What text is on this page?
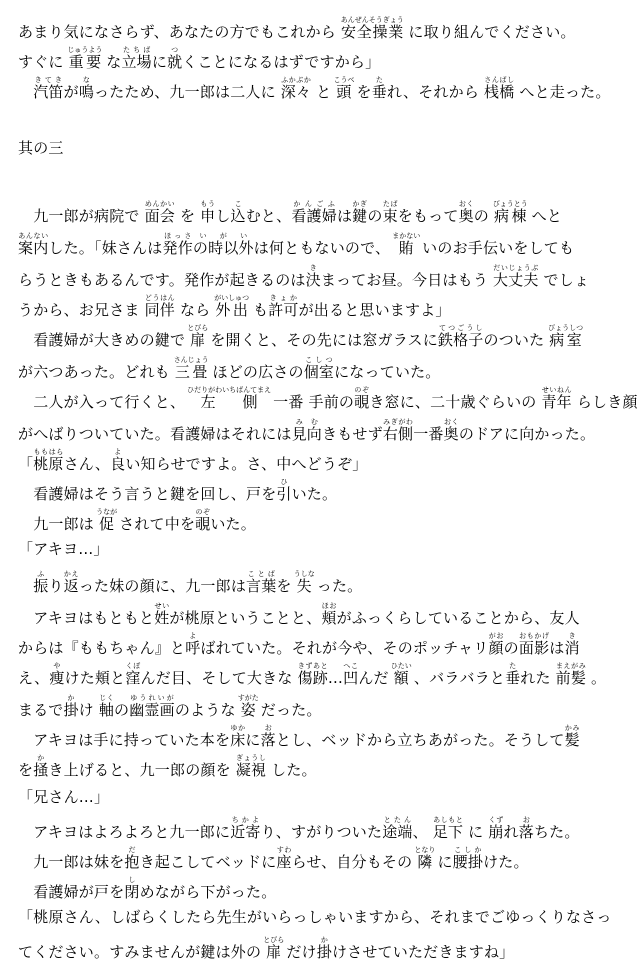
あまり気になさらず、あなたの方でもこれから 安全操業あんぜんそうぎょう に取り組んでください。
すぐに 重要じゅうよう な立場たちばに就つくことになるはずですから」
　汽笛きてきが鳴なったため、九一郎は二人に 深々ふかぶか と 頭こうべ を垂たれ、それから 桟橋さんばし へと走った。
其の三
　九一郎が病院で 面会めんかい を 申もうし込こむと、看護婦かんごふは鍵かぎの束たばをもって奥おくの 病棟びょうとう へと
案内あんないした。「妹さんは発作ほっさの時以外いがいは何ともないので、 賄まかない いのお手伝いをしても
らうときもあるんです。発作が起きるのは決きまってお昼。今日はもう 大丈夫だいじょうぶ でしょ
うから、お兄さま 同伴どうはん なら 外出がいしゅつ も許可きょかが出ると思いますよ」
　看護婦が大きめの鍵で 扉とびら を開くと、その先には窓ガラスに鉄格子てつごうしのついた 病室びょうしつ
が六つあった。どれも 三畳さんじょう ほどの広さの個室こしつになっていた。
　二人が入って行くと、 左側ひだりがわいちばんてまえ 一番 手前の覗のぞき窓に、二十歳ぐらいの 青年せいねん らしき顔
がへばりついていた。看護婦はそれには見向みむきもせず右側みぎがわ一番奥おくのドアに向かった。
「桃原ももはらさん、良よい知らせですよ。さ、中へどうぞ」
　看護婦はそう言うと鍵を回し、戸を引ひいた。
　九一郎は 促うなが されて中を覗のぞいた。
「アキヨ…」
　振ふり返かえった妹の顔に、九一郎は言葉ことばを 失うしな った。
　アキヨはもともと姓せいが桃原ということと、頬ほおがふっくらしていることから、友人
からは『ももちゃん』と呼よばれていた。それが今や、そのポッチャリ顔がおの面影おもかげは消き
え、痩やけた頬と窪くぼんだ目、そして大きな 傷跡きずあと…凹へこんだ 額ひたい 、バラバラと垂たれた 前髪まえがみ 。
まるで掛かけ 軸じくの幽霊画ゆうれいがのような 姿すがた だった。
　アキヨは手に持っていた本を床ゆかに落おとし、ベッドから立ちあがった。そうして髪かみ
を掻かき上げると、九一郎の顔を 凝視ぎょうし した。
「兄さん…」
　アキヨはよろよろと九一郎に近寄ちかより、すがりついた途端とたん、 足下あしもと に 崩くずれ落おちた。
　九一郎は妹を抱だき起こしてベッドに座すわらせ、自分もその 隣となり に腰掛こしかけた。
　看護婦が戸を閉しめながら下がった。
「桃原さん、しばらくしたら先生がいらっしゃいますから、それまでごゆっくりなさっ
てください。すみませんが鍵は外の 扉とびら だけ掛かけさせていただきますね」
